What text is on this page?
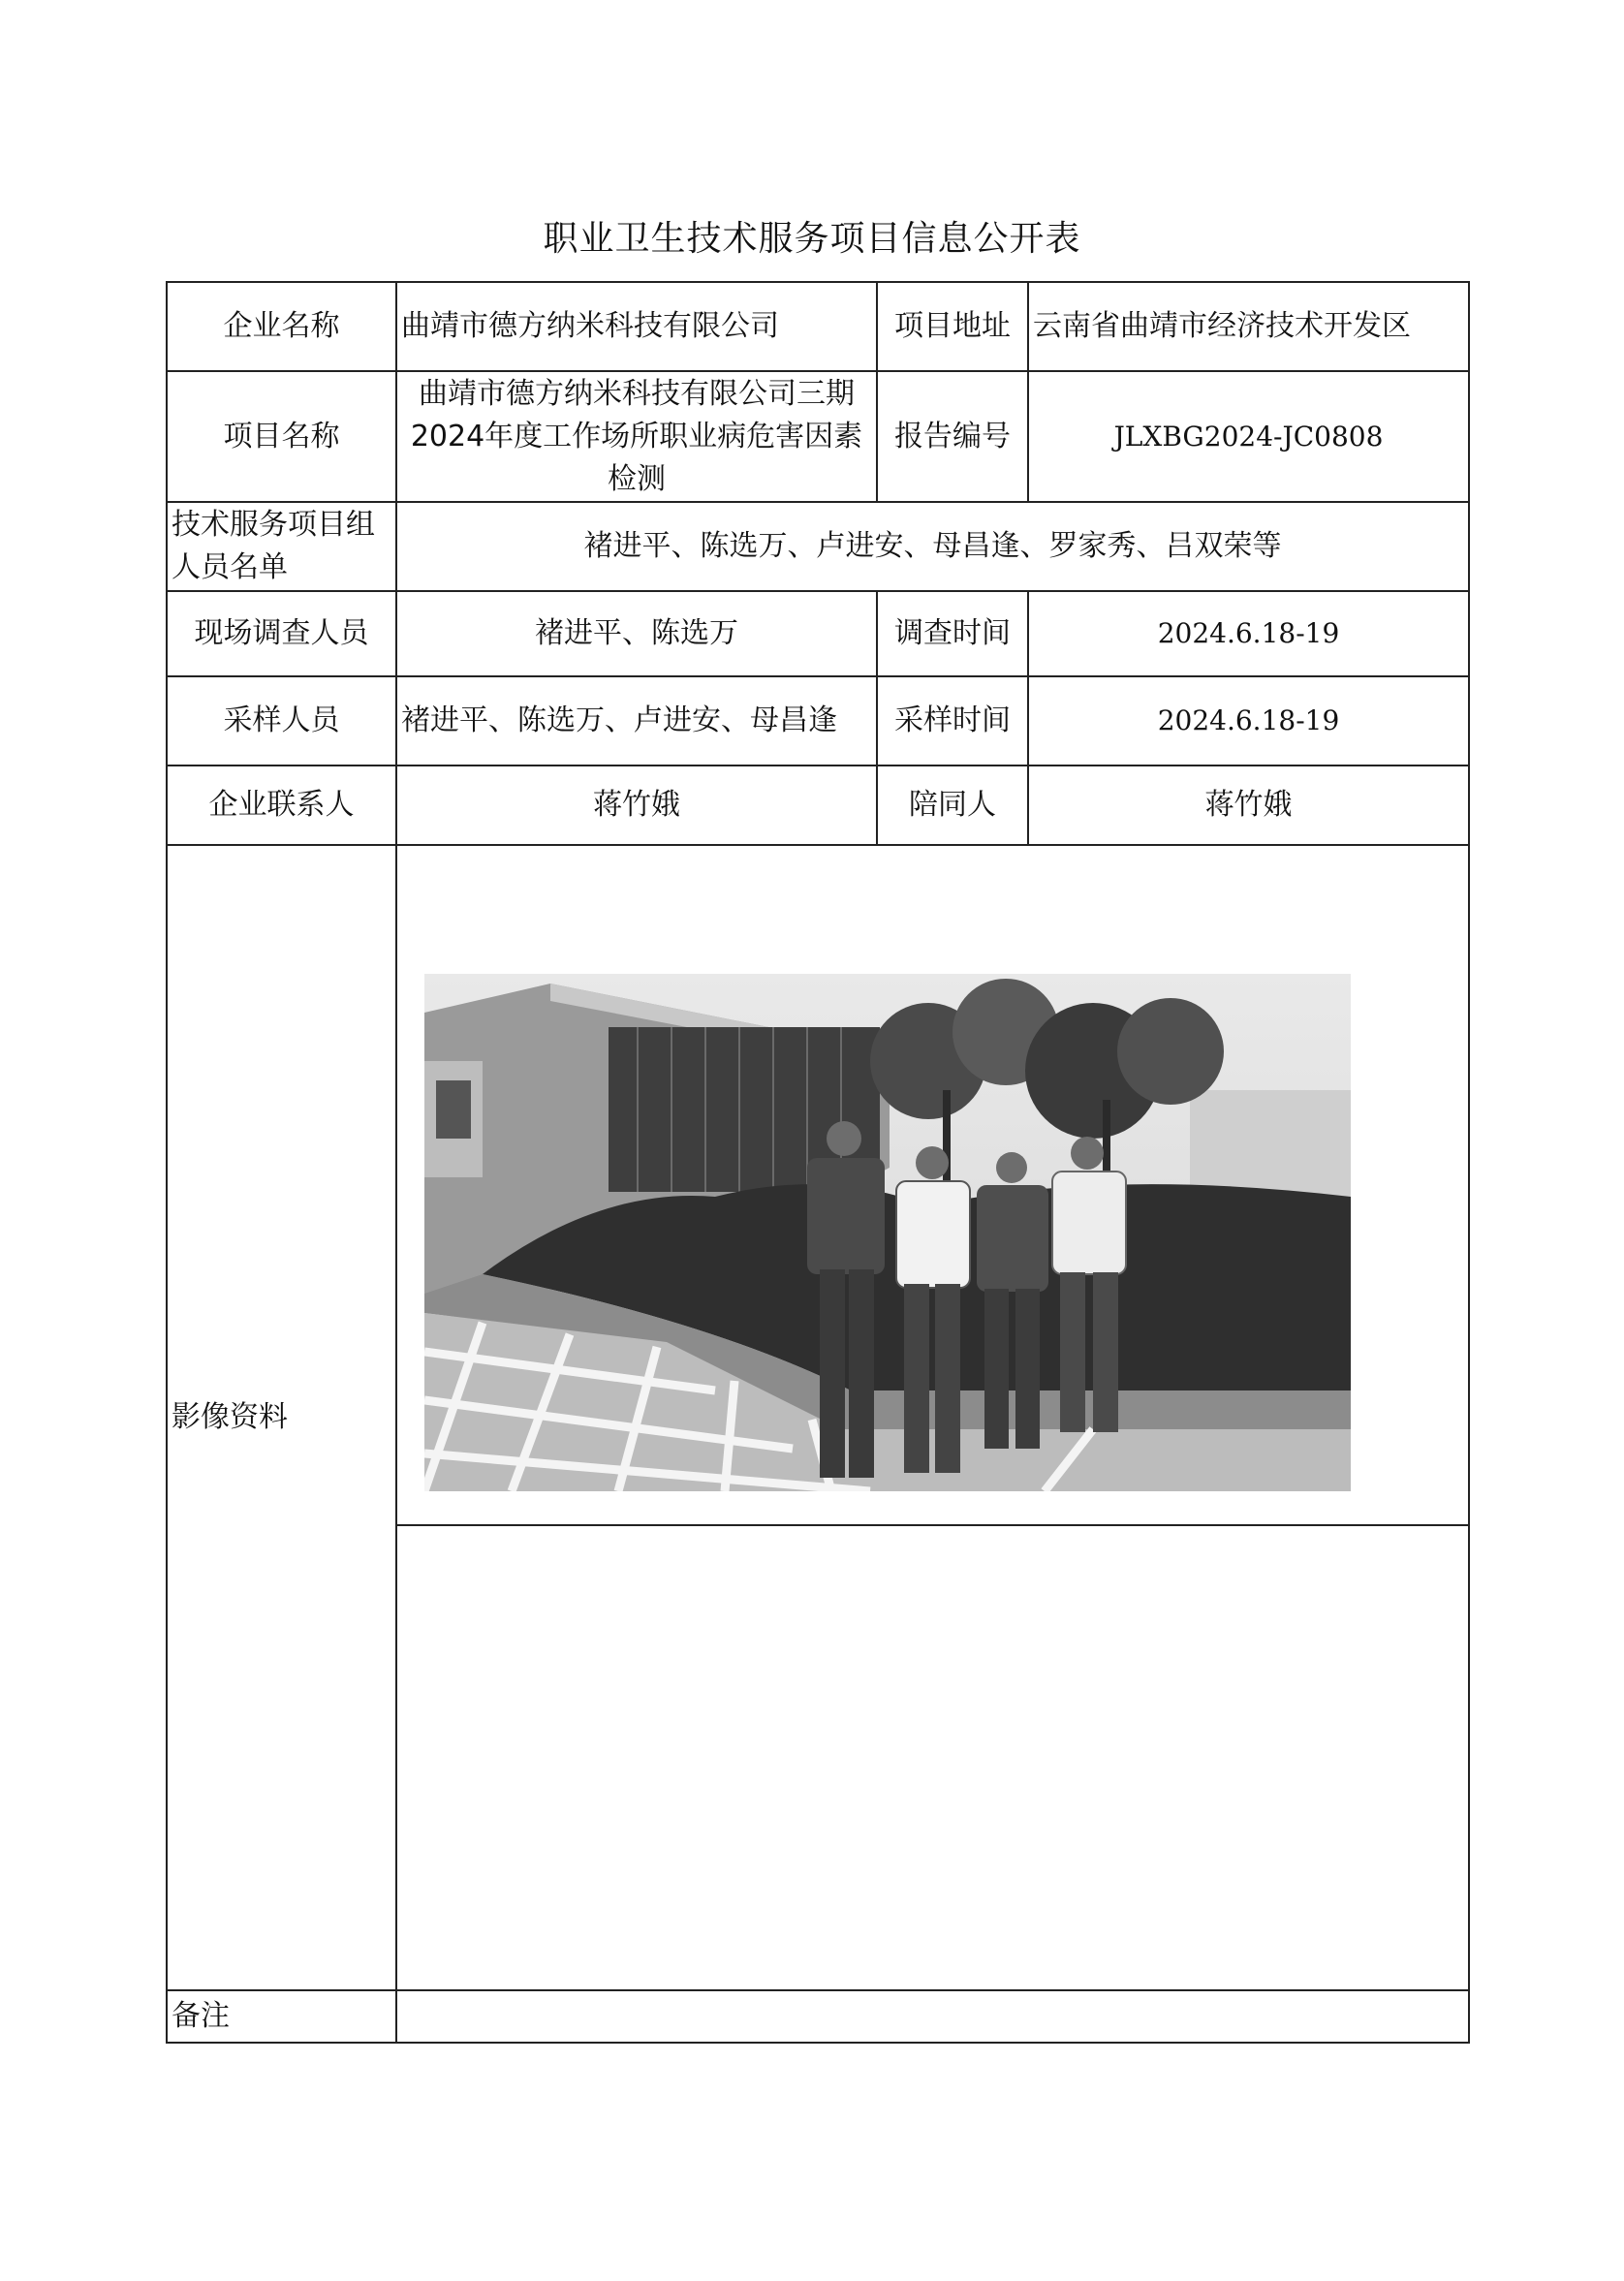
职业卫生技术服务项目信息公开表
企业名称	曲靖市德方纳米科技有限公司	项目地址	云南省曲靖市经济技术开发区
项目名称	曲靖市德方纳米科技有限公司三期2024年度工作场所职业病危害因素检测	报告编号	JLXBG2024-JC0808
技术服务项目组人员名单	褚进平、陈选万、卢进安、母昌逢、罗家秀、吕双荣等		
现场调查人员	褚进平、陈选万	调查时间	2024.6.18-19
采样人员	褚进平、陈选万、卢进安、母昌逢	采样时间	2024.6.18-19
企业联系人	蒋竹娥	陪同人	蒋竹娥
影像资料	

备注			
